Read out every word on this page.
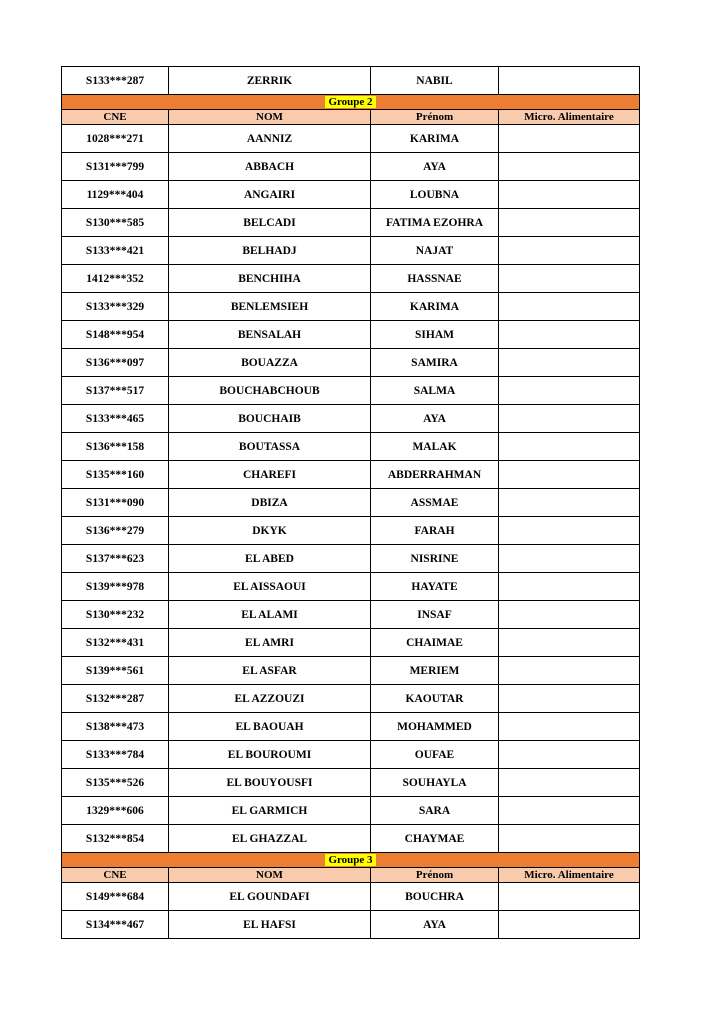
S133***287	ZERRIK	NABIL	
Groupe 2			
CNE	NOM	Prénom	Micro. Alimentaire
1028***271	AANNIZ	KARIMA	
S131***799	ABBACH	AYA	
1129***404	ANGAIRI	LOUBNA	
S130***585	BELCADI	FATIMA EZOHRA	
S133***421	BELHADJ	NAJAT	
1412***352	BENCHIHA	HASSNAE	
S133***329	BENLEMSIEH	KARIMA	
S148***954	BENSALAH	SIHAM	
S136***097	BOUAZZA	SAMIRA	
S137***517	BOUCHABCHOUB	SALMA	
S133***465	BOUCHAIB	AYA	
S136***158	BOUTASSA	MALAK	
S135***160	CHAREFI	ABDERRAHMAN	
S131***090	DBIZA	ASSMAE	
S136***279	DKYK	FARAH	
S137***623	EL ABED	NISRINE	
S139***978	EL AISSAOUI	HAYATE	
S130***232	EL ALAMI	INSAF	
S132***431	EL AMRI	CHAIMAE	
S139***561	EL ASFAR	MERIEM	
S132***287	EL AZZOUZI	KAOUTAR	
S138***473	EL BAOUAH	MOHAMMED	
S133***784	EL BOUROUMI	OUFAE	
S135***526	EL BOUYOUSFI	SOUHAYLA	
1329***606	EL GARMICH	SARA	
S132***854	EL GHAZZAL	CHAYMAE	
Groupe 3			
CNE	NOM	Prénom	Micro. Alimentaire
S149***684	EL GOUNDAFI	BOUCHRA	
S134***467	EL HAFSI	AYA	
